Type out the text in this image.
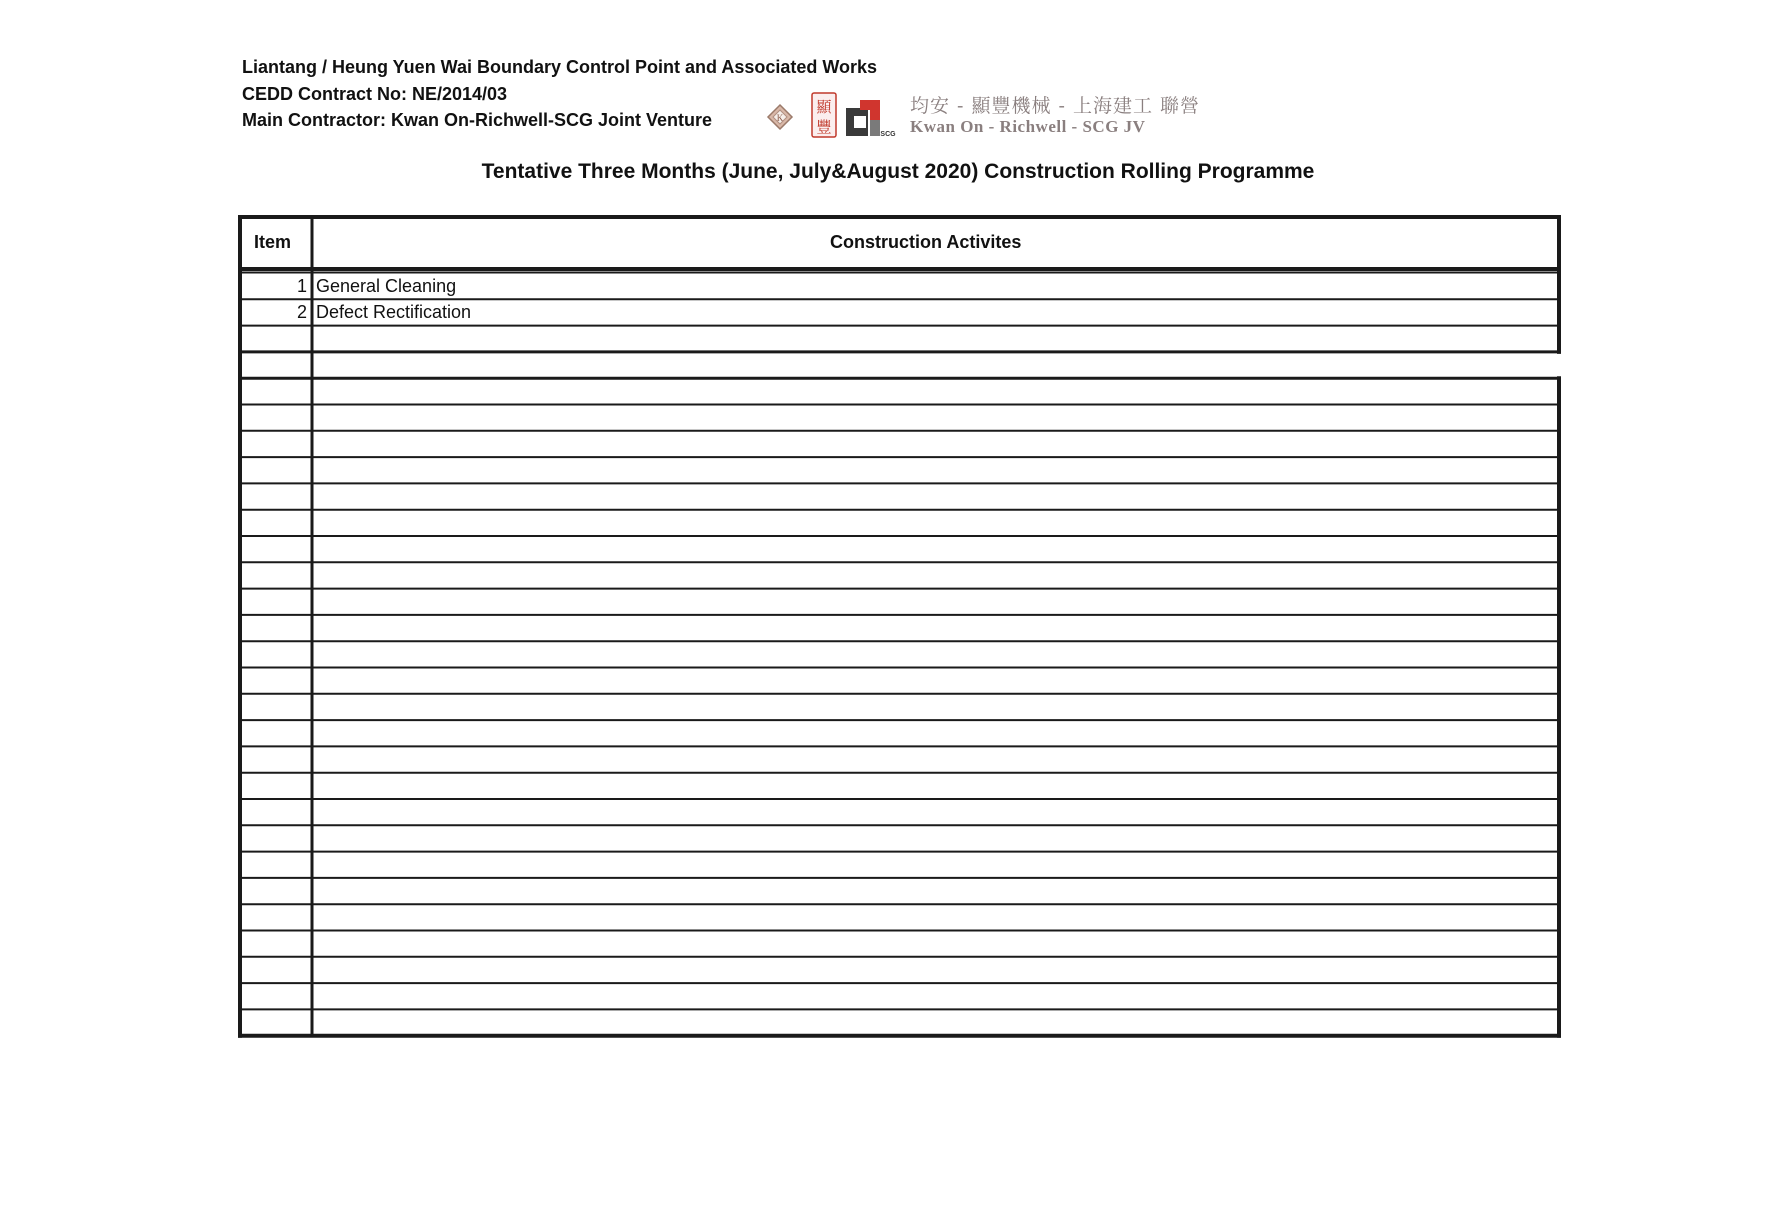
Liantang / Heung Yuen Wai Boundary Control Point and Associated Works
CEDD Contract No: NE/2014/03
Main Contractor: Kwan On-Richwell-SCG Joint Venture	K
顯
豐	SCG
均安 - 顯豐機械 - 上海建工 聯營
Kwan On - Richwell - SCG JV
Tentative Three Months (June, July&August 2020) Construction Rolling Programme
Item	Construction Activites
1 General Cleaning
2 Defect Rectification
